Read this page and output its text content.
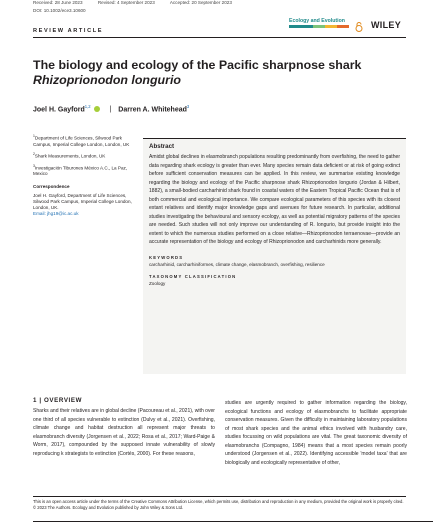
Received: 28 June 2023	Revised: 4 September 2023	Accepted: 20 September 2023
DOI: 10.1002/ece3.10600
Ecology and Evolution	WILEY
REVIEW ARTICLE
The biology and ecology of the Pacific sharpnose shark
Rhizoprionodon longurio
Joel H. Gayford$^{1,2}$	| Darren A. Whitehead$^3$

$^1$Department of Life Sciences, Silwood Park Campus, Imperial College London, London, UK

$^2$Shark Measurements, London, UK

$^3$Investigación Tiburones México A.C., La Paz, Mexico

Correspondence

Joel H. Gayford, Department of Life Sciences, Silwood Park Campus, Imperial College London, London, UK.
Email: jhg19@ic.ac.uk

Abstract

Amidst global declines in elasmobranch populations resulting predominantly from overfishing, the need to gather data regarding shark ecology is greater than ever. Many species remain data deficient or at risk of going extinct before sufficient conservation measures can be applied. In this review, we summarise existing knowledge regarding the biology and ecology of the Pacific sharpnose shark Rhizoprionodon longurio (Jordan & Hilbert, 1882), a small-bodied carcharhinid shark found in coastal waters of the Eastern Tropical Pacific Ocean that is of both commercial and ecological importance. We compare ecological parameters of this species with its closest extant relatives and identify major knowledge gaps and avenues for future research. In particular, additional studies investigating the behavioural and sensory ecology, as well as potential migratory patterns of the species are needed. Such studies will not only improve our understanding of R. longurio, but provide insight into the extent to which the numerous studies performed on a close relative—Rhizoprionodon terraenovae—provide an accurate representation of the biology and ecology of Rhizoprionodon and carcharhinids more generally.

KEYWORDS
carcharhinid, carcharhiniformes, climate change, elasmobranch, overfishing, resilience
TAXONOMY CLASSIFICATION
Zoology
1 | OVERVIEW

Sharks and their relatives are in global decline (Pacoureau et al., 2021), with over one third of all species vulnerable to extinction (Dulvy et al., 2021). Overfishing, climate change and habitat destruction all represent major threats to elasmobranch diversity (Jorgensen et al., 2022; Rosa et al., 2017; Ward-Paige & Worm, 2017), compounded by the supposed innate vulnerability of slowly reproducing k strategists to extinction (Cortés, 2000). For these reasons,

studies are urgently required to gather information regarding the biology, ecological functions and ecology of elasmobranchs to facilitate appropriate conservation measures. Given the difficulty in maintaining laboratory populations of most shark species and the animal ethics involved with husbandry care, studies focussing on wild populations are vital. The great taxonomic diversity of elasmobranchs (Compagno, 1984) means that a most species remain poorly understood (Jorgensen et al., 2022). Identifying accessible 'model taxa' that are biologically and ecologically representative of other,

This is an open access article under the terms of the Creative Commons Attribution License, which permits use, distribution and reproduction in any medium, provided the original work is properly cited.
© 2023 The Authors. Ecology and Evolution published by John Wiley & Sons Ltd.
